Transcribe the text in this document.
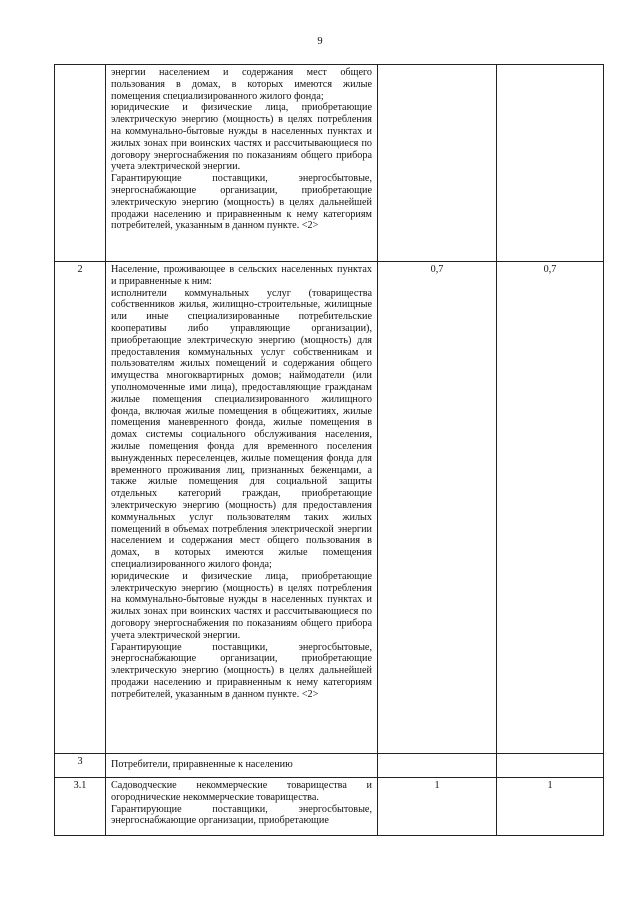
9

	энергии населением и содержания мест общего пользования в домах, в которых имеются жилые помещения специализированного жилого фонда;

юридические и физические лица, приобретающие электрическую энергию (мощность) в целях потребления на коммунально-бытовые нужды в населенных пунктах и жилых зонах при воинских частях и рассчитывающиеся по договору энергоснабжения по показаниям общего прибора учета электрической энергии.

Гарантирующие поставщики, энергосбытовые, энергоснабжающие организации, приобретающие электрическую энергию (мощность) в целях дальнейшей продажи населению и приравненным к нему категориям потребителей, указанным в данном пункте. <2>		

2	Население, проживающее в сельских населенных пунктах и приравненные к ним:

исполнители коммунальных услуг (товарищества собственников жилья, жилищно-строительные, жилищные или иные специализированные потребительские кооперативы либо управляющие организации), приобретающие электрическую энергию (мощность) для предоставления коммунальных услуг собственникам и пользователям жилых помещений и содержания общего имущества многоквартирных домов; наймодатели (или уполномоченные ими лица), предоставляющие гражданам жилые помещения специализированного жилищного фонда, включая жилые помещения в общежитиях, жилые помещения маневренного фонда, жилые помещения в домах системы социального обслуживания населения, жилые помещения фонда для временного поселения вынужденных переселенцев, жилые помещения фонда для временного проживания лиц, признанных беженцами, а также жилые помещения для социальной защиты отдельных категорий граждан, приобретающие электрическую энергию (мощность) для предоставления коммунальных услуг пользователям таких жилых помещений в объемах потребления электрической энергии населением и содержания мест общего пользования в домах, в которых имеются жилые помещения специализированного жилого фонда;

юридические и физические лица, приобретающие электрическую энергию (мощность) в целях потребления на коммунально-бытовые нужды в населенных пунктах и жилых зонах при воинских частях и рассчитывающиеся по договору энергоснабжения по показаниям общего прибора учета электрической энергии.

Гарантирующие поставщики, энергосбытовые, энергоснабжающие организации, приобретающие электрическую энергию (мощность) в целях дальнейшей продажи населению и приравненным к нему категориям потребителей, указанным в данном пункте. <2>	0,7	0,7
3	Потребители, приравненные к населению		

3.1	Садоводческие некоммерческие товарищества и огороднические некоммерческие товарищества.

Гарантирующие поставщики, энергосбытовые, энергоснабжающие организации, приобретающие	1	1
